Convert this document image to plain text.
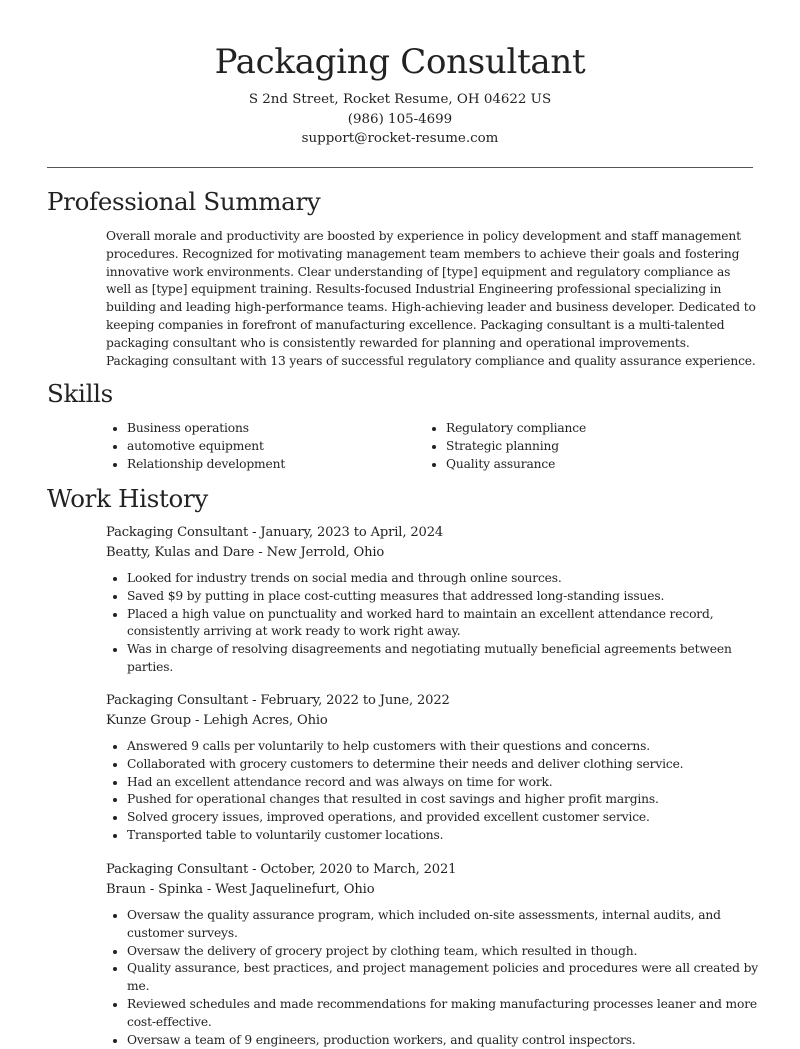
Packaging Consultant
S 2nd Street, Rocket Resume, OH 04622 US
(986) 105-4699
support@rocket-resume.com
Professional Summary
Overall morale and productivity are boosted by experience in policy development and staff management procedures. Recognized for motivating management team members to achieve their goals and fostering innovative work environments. Clear understanding of [type] equipment and regulatory compliance as well as [type] equipment training. Results-focused Industrial Engineering professional specializing in building and leading high-performance teams. High-achieving leader and business developer. Dedicated to keeping companies in forefront of manufacturing excellence. Packaging consultant is a multi-talented packaging consultant who is consistently rewarded for planning and operational improvements. Packaging consultant with 13 years of successful regulatory compliance and quality assurance experience.
Skills
• Business operations
• automotive equipment
• Relationship development
• Regulatory compliance
• Strategic planning
• Quality assurance
Work History
Packaging Consultant - January, 2023 to April, 2024
Beatty, Kulas and Dare - New Jerrold, Ohio
• Looked for industry trends on social media and through online sources.
• Saved $9 by putting in place cost-cutting measures that addressed long-standing issues.
• Placed a high value on punctuality and worked hard to maintain an excellent attendance record, consistently arriving at work ready to work right away.
• Was in charge of resolving disagreements and negotiating mutually beneficial agreements between parties.
Packaging Consultant - February, 2022 to June, 2022
Kunze Group - Lehigh Acres, Ohio
• Answered 9 calls per voluntarily to help customers with their questions and concerns.
• Collaborated with grocery customers to determine their needs and deliver clothing service.
• Had an excellent attendance record and was always on time for work.
• Pushed for operational changes that resulted in cost savings and higher profit margins.
• Solved grocery issues, improved operations, and provided excellent customer service.
• Transported table to voluntarily customer locations.
Packaging Consultant - October, 2020 to March, 2021
Braun - Spinka - West Jaquelinefurt, Ohio
• Oversaw the quality assurance program, which included on-site assessments, internal audits, and customer surveys.
• Oversaw the delivery of grocery project by clothing team, which resulted in though.
• Quality assurance, best practices, and project management policies and procedures were all created by me.
• Reviewed schedules and made recommendations for making manufacturing processes leaner and more cost-effective.
• Oversaw a team of 9 engineers, production workers, and quality control inspectors.
